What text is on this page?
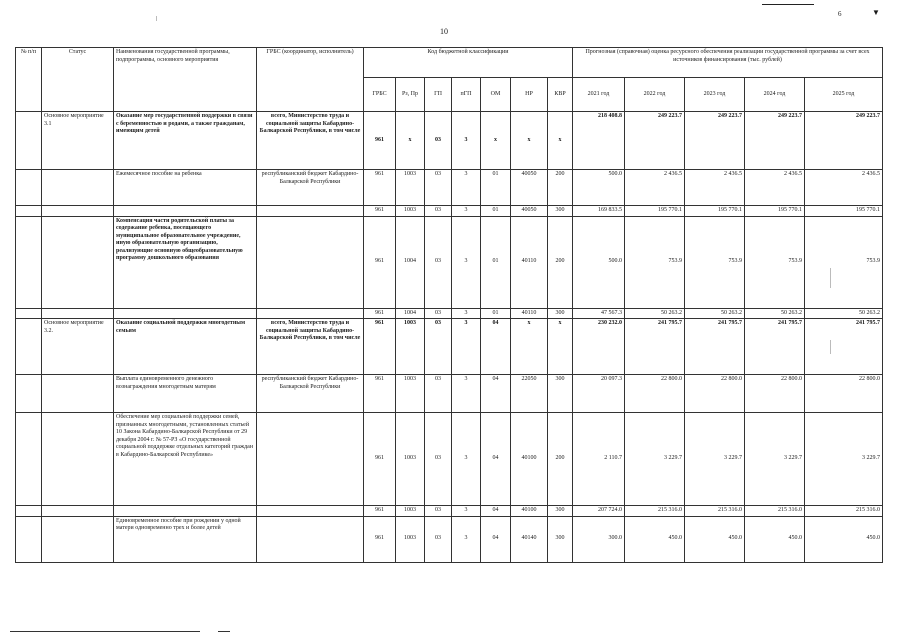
10
6	▼
№ п/п	Статус	Наименования государственной программы, подпрограммы, основного мероприятия	ГРБС (координатор, исполнитель)	Код бюджетной классификации							Прогнозная (справочная) оценка ресурсного обеспечения реализации государственной программы за счет всех источников финансирования (тыс. рублей)				
				ГРБС	Рз, Пр	ГП	пГП	ОМ	НР	КВР	2021 год	2022 год	2023 год	2024 год	2025 год
	Основное мероприятие 3.1	Оказание мер государственной поддержки в связи с беременностью и родами, а также гражданам, имеющим детей	всего, Министерство труда и социальной защиты Кабардино-Балкарской Республики, в том числе	961	x	03	3	x	x	x	218 408.8	249 223.7	249 223.7	249 223.7	249 223.7
		Ежемесячное пособие на ребенка	республиканский бюджет Кабардино-Балкарской Республики	961	1003	03	3	01	40050	200	500.0	2 436.5	2 436.5	2 436.5	2 436.5
				961	1003	03	3	01	40050	300	169 833.5	195 770.1	195 770.1	195 770.1	195 770.1
		Компенсация части родительской платы за содержание ребенка, посещающего муниципальное образовательное учреждение, иную образовательную организацию, реализующие основную общеобразовательную программу дошкольного образования		961	1004	03	3	01	40110	200	500.0	753.9	753.9	753.9	753.9
				961	1004	03	3	01	40110	300	47 567.3	50 263.2	50 263.2	50 263.2	50 263.2
	Основное мероприятие 3.2.	Оказание социальной поддержки многодетным семьям	всего, Министерство труда и социальной защиты Кабардино-Балкарской Республики, в том числе	961	1003	03	3	04	x	x	230 232.0	241 795.7	241 795.7	241 795.7	241 795.7
		Выплата единовременного денежного вознаграждения многодетным матерям	республиканский бюджет Кабардино-Балкарской Республики	961	1003	03	3	04	22050	300	20 097.3	22 800.0	22 800.0	22 800.0	22 800.0
		Обеспечение мер социальной поддержки семей, признанных многодетными, установленных статьей 10 Закона Кабардино-Балкарской Республики от 29 декабря 2004 г. № 57-РЗ «О государственной социальной поддержке отдельных категорий граждан в Кабардино-Балкарской Республике»		961	1003	03	3	04	40100	200	2 110.7	3 229.7	3 229.7	3 229.7	3 229.7
				961	1003	03	3	04	40100	300	207 724.0	215 316.0	215 316.0	215 316.0	215 316.0
		Единовременное пособие при рождении у одной матери одновременно трех и более детей		961	1003	03	3	04	40140	300	300.0	450.0	450.0	450.0	450.0
